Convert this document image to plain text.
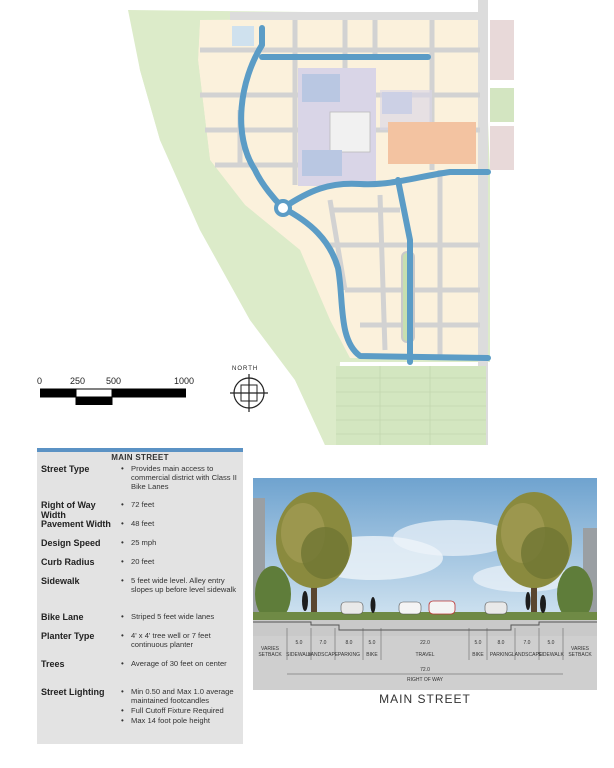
0	250 500	1000
NORTH
MAIN STREET
Street Type	• Provides main access to commercial district with Class II Bike Lanes
Right of Way Width
• 72 feet
Pavement Width	• 48 feet
Design Speed	• 25 mph
Curb Radius	• 20 feet
Sidewalk	• 5 feet wide level. Alley entry slopes up before level sidewalk
Bike Lane	• Striped 5 feet wide lanes
Planter Type	• 4' x 4' tree well or 7 feet continuous planter
Trees	• Average of 30 feet on center
Street Lighting	• Min 0.50 and Max 1.0 average maintained footcandles
• Full Cutoff Fixture Required
• Max 14 foot pole height
5.0	7.0	8.0	5.0	22.0	5.0	8.0	7.0	5.0
VARIES
SIDEWALK
LANDSCAPE PARKING BIKE	TRAVEL	BIKE PARKING LANDSCAPE
SIDEWALK
VARIES
SETBACK	SETBACK
72.0
RIGHT OF WAY
MAIN STREET
